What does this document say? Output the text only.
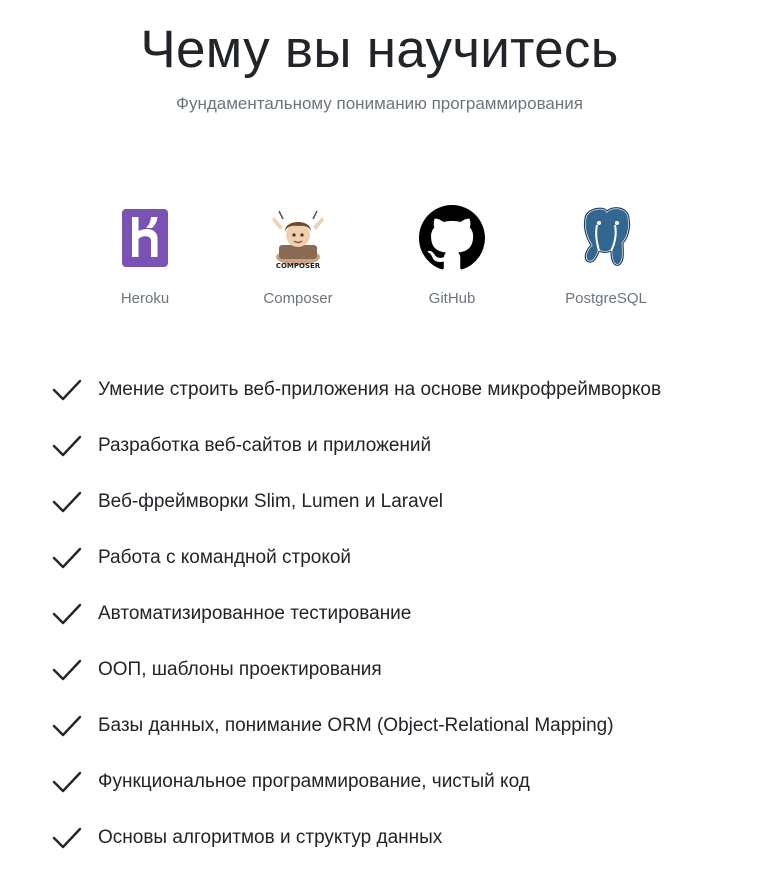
Чему вы научитесь

Фундаментальному пониманию программирования

Heroku
COMPOSER
Composer	GitHub	PostgreSQL
Умение строить веб-приложения на основе микрофреймворков
Разработка веб-сайтов и приложений
Веб-фреймворки Slim, Lumen и Laravel
Работа с командной строкой
Автоматизированное тестирование
ООП, шаблоны проектирования
Базы данных, понимание ORM (Object-Relational Mapping)
Функциональное программирование, чистый код
Основы алгоритмов и структур данных
